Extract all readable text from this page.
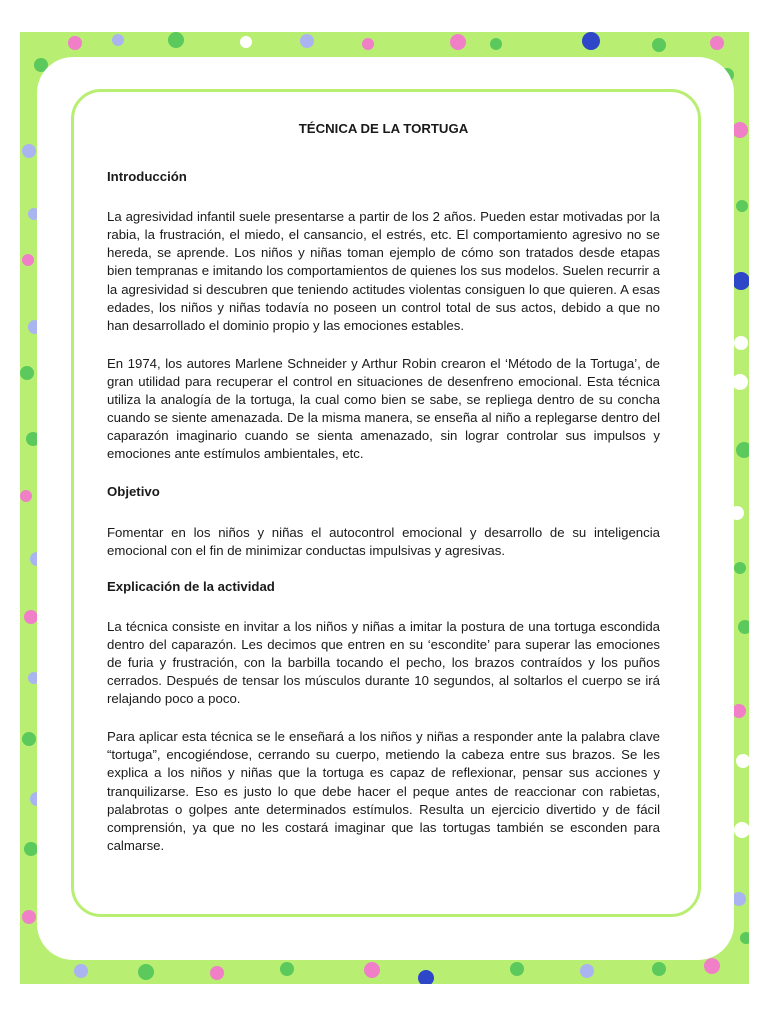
TÉCNICA DE LA TORTUGA
Introducción

La agresividad infantil suele presentarse a partir de los 2 años. Pueden estar motivadas por la rabia, la frustración, el miedo, el cansancio, el estrés, etc. El comportamiento agresivo no se hereda, se aprende. Los niños y niñas toman ejemplo de cómo son tratados desde etapas bien tempranas e imitando los comportamientos de quienes los sus modelos. Suelen recurrir a la agresividad si descubren que teniendo actitudes violentas consiguen lo que quieren. A esas edades, los niños y niñas todavía no poseen un control total de sus actos, debido a que no han desarrollado el dominio propio y las emociones estables.

En 1974, los autores Marlene Schneider y Arthur Robin crearon el ‘Método de la Tortuga’, de gran utilidad para recuperar el control en situaciones de desenfreno emocional. Esta técnica utiliza la analogía de la tortuga, la cual como bien se sabe, se repliega dentro de su concha cuando se siente amenazada. De la misma manera, se enseña al niño a replegarse dentro del caparazón imaginario cuando se sienta amenazado, sin lograr controlar sus impulsos y emociones ante estímulos ambientales, etc.

Objetivo

Fomentar en los niños y niñas el autocontrol emocional y desarrollo de su inteligencia emocional con el fin de minimizar conductas impulsivas y agresivas.

Explicación de la actividad

La técnica consiste en invitar a los niños y niñas a imitar la postura de una tortuga escondida dentro del caparazón. Les decimos que entren en su ‘escondite’ para superar las emociones de furia y frustración, con la barbilla tocando el pecho, los brazos contraídos y los puños cerrados. Después de tensar los músculos durante 10 segundos, al soltarlos el cuerpo se irá relajando poco a poco.

Para aplicar esta técnica se le enseñará a los niños y niñas a responder ante la palabra clave “tortuga”, encogiéndose, cerrando su cuerpo, metiendo la cabeza entre sus brazos. Se les explica a los niños y niñas que la tortuga es capaz de reflexionar, pensar sus acciones y tranquilizarse. Eso es justo lo que debe hacer el peque antes de reaccionar con rabietas, palabrotas o golpes ante determinados estímulos. Resulta un ejercicio divertido y de fácil comprensión, ya que no les costará imaginar que las tortugas también se esconden para calmarse.
